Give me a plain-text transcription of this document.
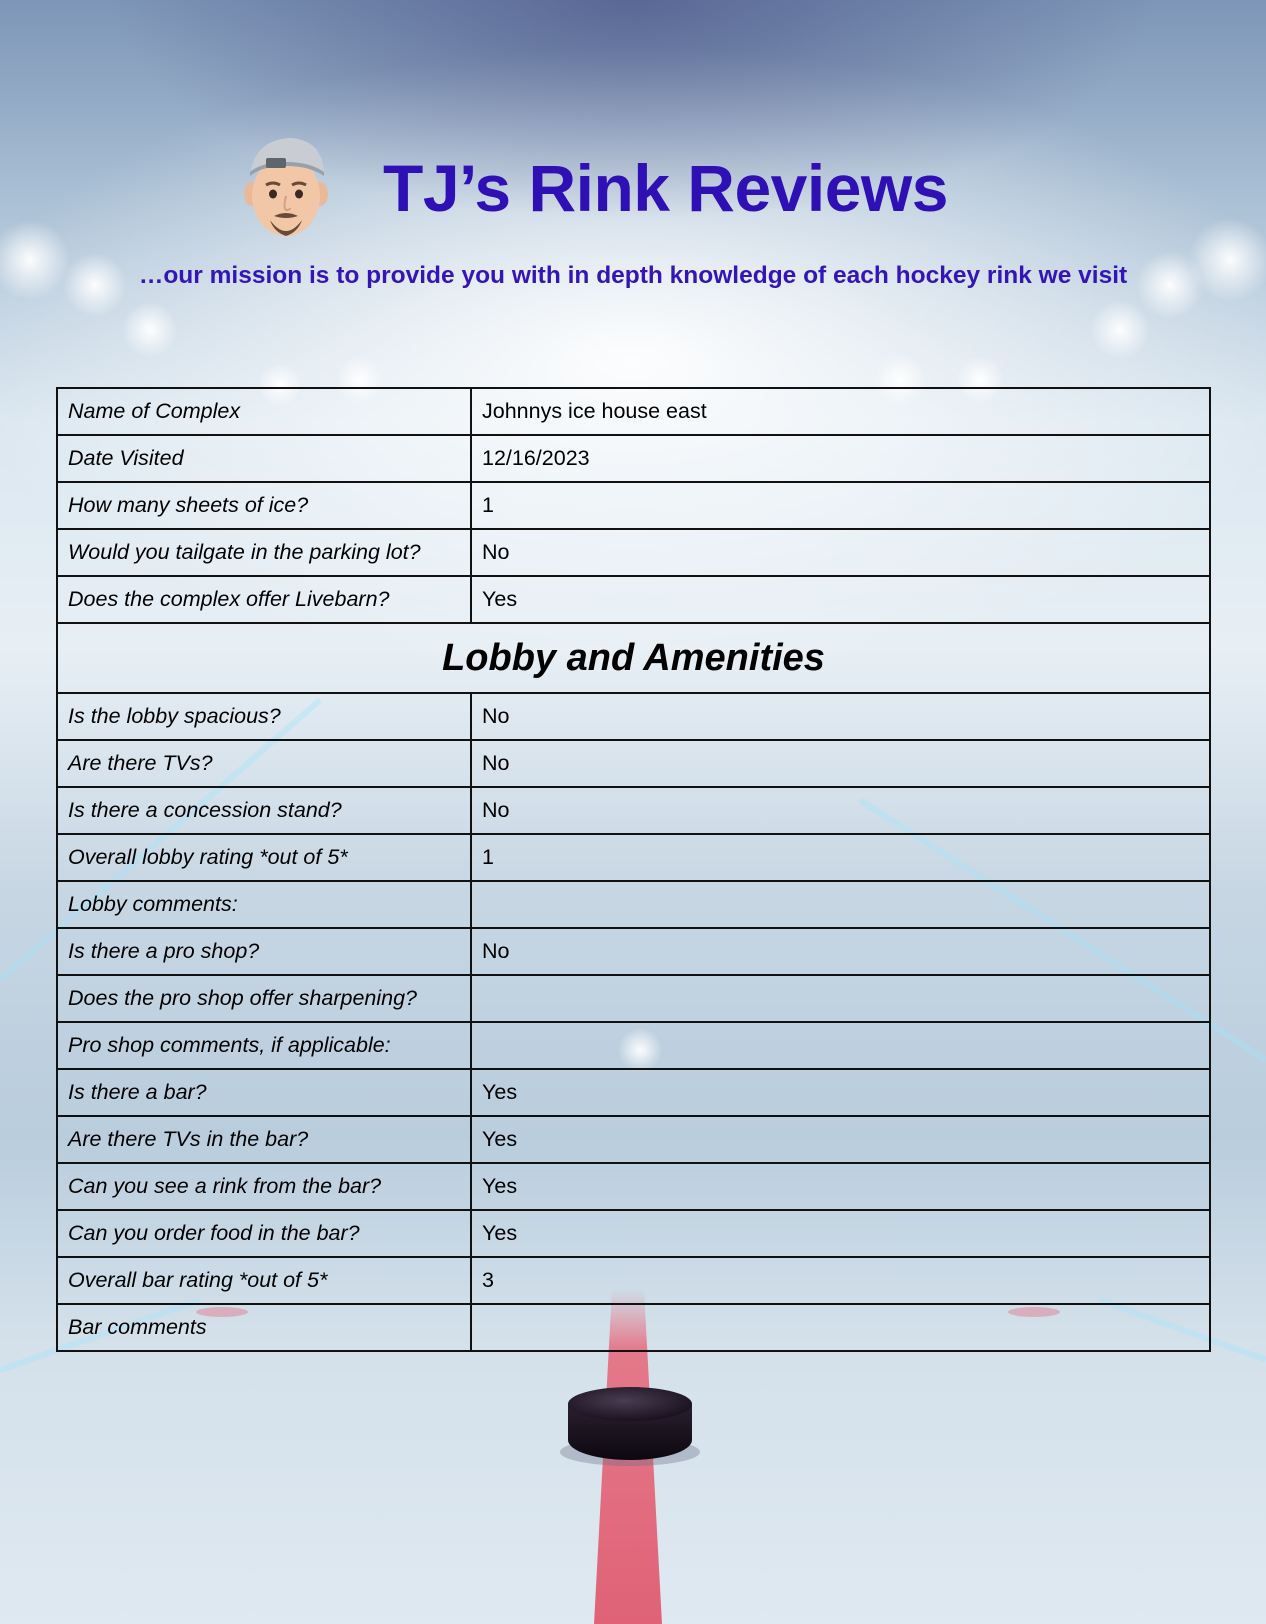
TJ’s Rink Reviews

…our mission is to provide you with in depth knowledge of each hockey rink we visit

Name of Complex	Johnnys ice house east
Date Visited	12/16/2023
How many sheets of ice?	1
Would you tailgate in the parking lot?	No
Does the complex offer Livebarn?	Yes
Lobby and Amenities	
Is the lobby spacious?	No
Are there TVs?	No
Is there a concession stand?	No
Overall lobby rating *out of 5*	1
Lobby comments:	
Is there a pro shop?	No
Does the pro shop offer sharpening?	
Pro shop comments, if applicable:	
Is there a bar?	Yes
Are there TVs in the bar?	Yes
Can you see a rink from the bar?	Yes
Can you order food in the bar?	Yes
Overall bar rating *out of 5*	3
Bar comments	
